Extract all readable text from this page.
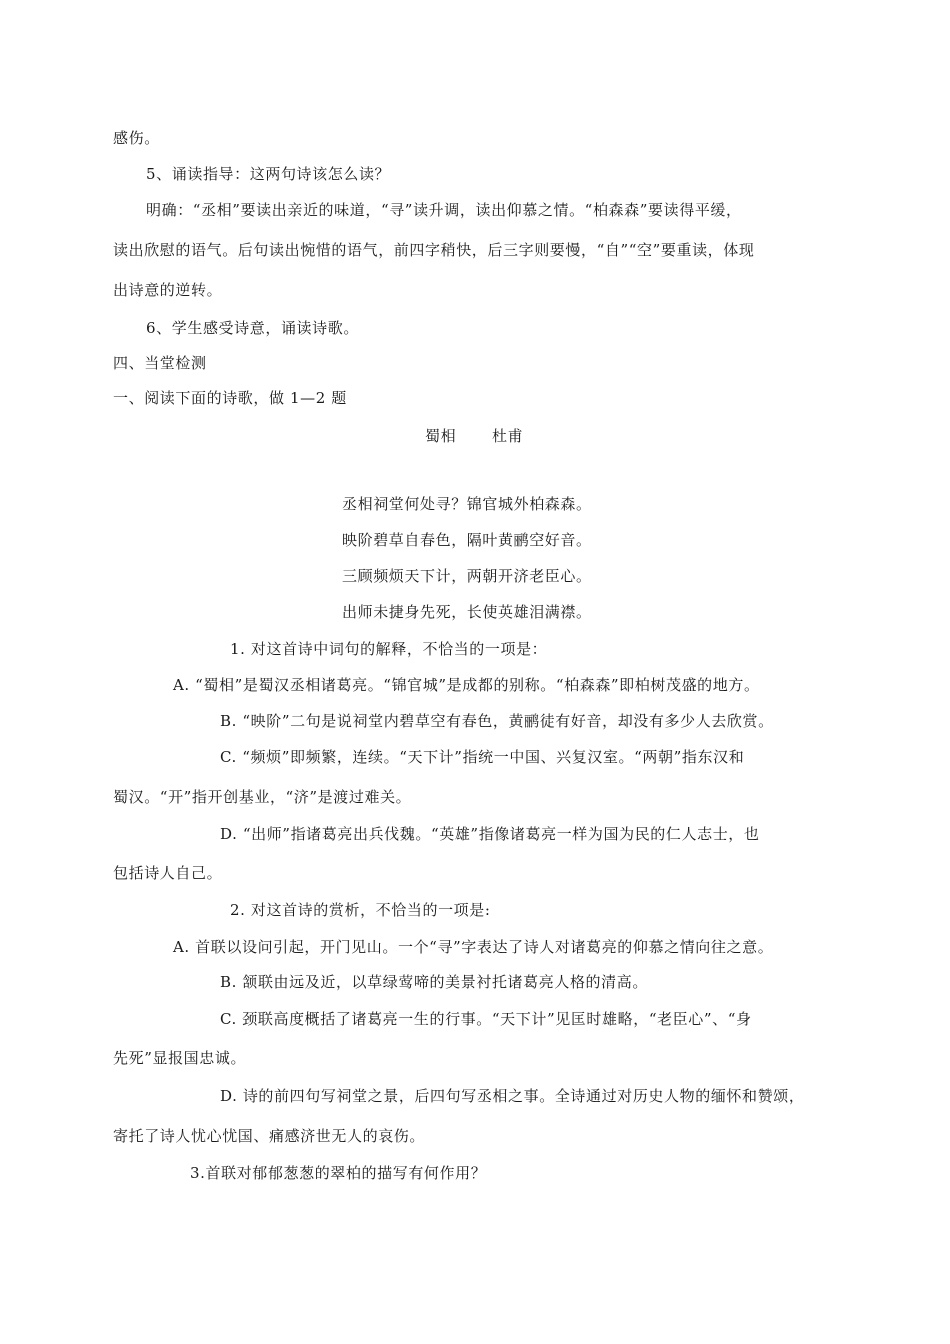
感伤。
5、诵读指导：这两句诗该怎么读？
明确：“丞相”要读出亲近的味道，“寻”读升调，读出仰慕之情。“柏森森”要读得平缓，
读出欣慰的语气。后句读出惋惜的语气，前四字稍快，后三字则要慢，“自”“空”要重读，体现
出诗意的逆转。
6、学生感受诗意，诵读诗歌。
四、当堂检测
一、阅读下面的诗歌，做 1—2 题
蜀相 杜甫
丞相祠堂何处寻？锦官城外柏森森。
映阶碧草自春色，隔叶黄鹂空好音。
三顾频烦天下计，两朝开济老臣心。
出师未捷身先死，长使英雄泪满襟。
1. 对这首诗中词句的解释，不恰当的一项是：
A. “蜀相”是蜀汉丞相诸葛亮。“锦官城”是成都的别称。“柏森森”即柏树茂盛的地方。
B. “映阶”二句是说祠堂内碧草空有春色，黄鹂徒有好音，却没有多少人去欣赏。
C. “频烦”即频繁，连续。“天下计”指统一中国、兴复汉室。“两朝”指东汉和
蜀汉。“开”指开创基业，“济”是渡过难关。
D. “出师”指诸葛亮出兵伐魏。“英雄”指像诸葛亮一样为国为民的仁人志士，也
包括诗人自己。
2. 对这首诗的赏析，不恰当的一项是:
A. 首联以设问引起，开门见山。一个“寻”字表达了诗人对诸葛亮的仰慕之情向往之意。
B. 颔联由远及近，以草绿莺啼的美景衬托诸葛亮人格的清高。
C. 颈联高度概括了诸葛亮一生的行事。“天下计”见匡时雄略，“老臣心”、“身
先死”显报国忠诚。
D. 诗的前四句写祠堂之景，后四句写丞相之事。全诗通过对历史人物的缅怀和赞颂，
寄托了诗人忧心忧国、痛感济世无人的哀伤。
3.首联对郁郁葱葱的翠柏的描写有何作用？
